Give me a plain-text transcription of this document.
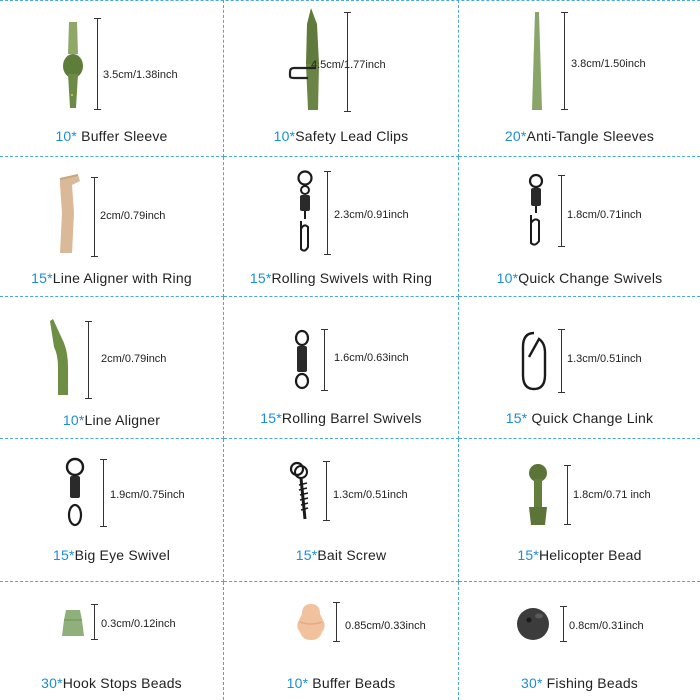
3.5cm/1.38inch
10* Buffer Sleeve
4.5cm/1.77inch
10*Safety Lead Clips
3.8cm/1.50inch
20*Anti-Tangle Sleeves
2cm/0.79inch
15*Line Aligner with Ring
2.3cm/0.91inch
15*Rolling Swivels with Ring
1.8cm/0.71inch
10*Quick Change Swivels
2cm/0.79inch
10*Line Aligner
1.6cm/0.63inch
15*Rolling Barrel Swivels
1.3cm/0.51inch
15* Quick Change Link
1.9cm/0.75inch
15*Big Eye Swivel
1.3cm/0.51inch
15*Bait Screw
1.8cm/0.71 inch
15*Helicopter Bead
0.3cm/0.12inch
30*Hook Stops Beads
0.85cm/0.33inch
10* Buffer Beads
0.8cm/0.31inch
30* Fishing Beads
